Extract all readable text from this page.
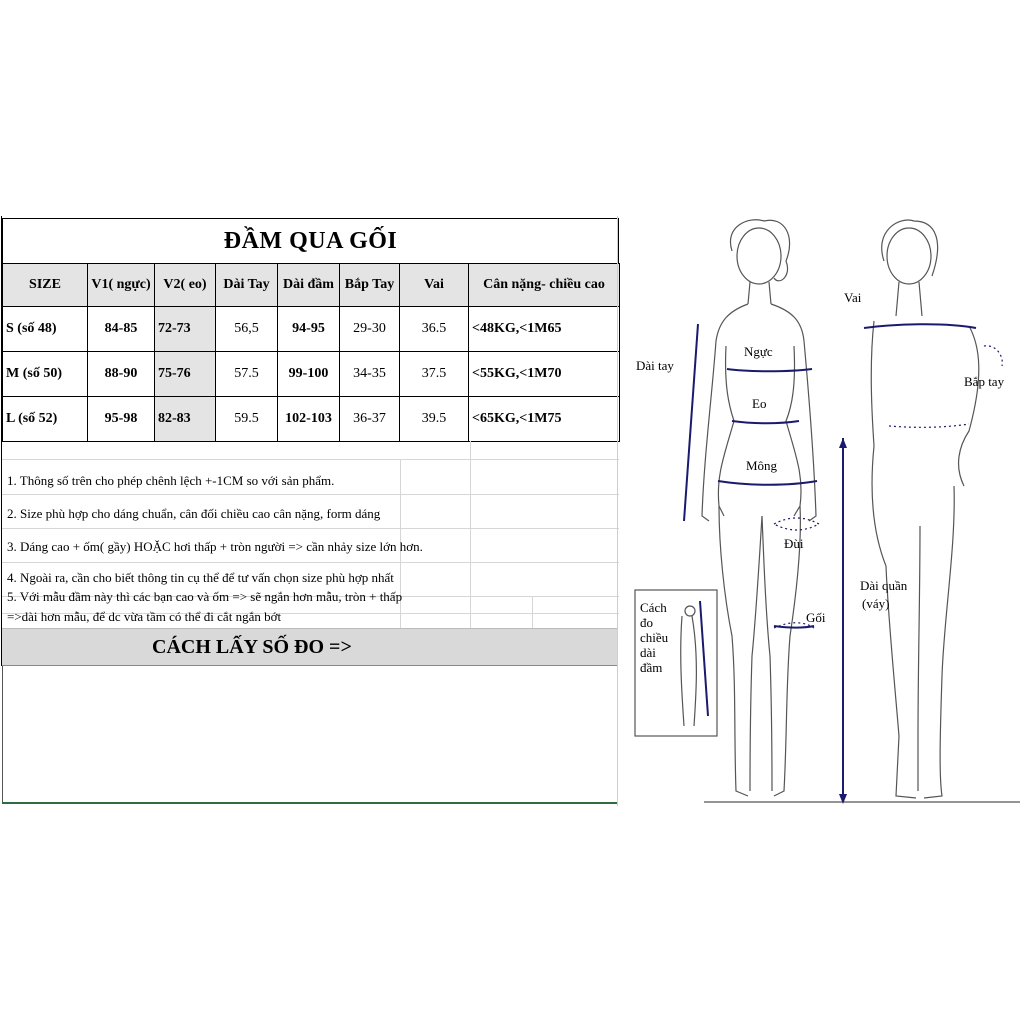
ĐẦM QUA GỐI
SIZE	V1( ngực)	V2( eo)	Dài Tay	Dài đầm	Bắp Tay	Vai	Cân nặng- chiều cao
S (số 48)	84-85	72-73	56,5	94-95	29-30	36.5	<48KG,<1M65
M (số 50)	88-90	75-76	57.5	99-100	34-35	37.5	<55KG,<1M70
L (số 52)	95-98	82-83	59.5	102-103	36-37	39.5	<65KG,<1M75
1. Thông số trên cho phép chênh lệch +-1CM so với sản phẩm.
2. Size phù hợp cho dáng chuẩn, cân đối chiều cao cân nặng, form dáng
3. Dáng cao + ốm( gầy) HOẶC hơi thấp + tròn người => cần nhảy size lớn hơn.
4. Ngoài ra, cần cho biết thông tin cụ thể để tư vấn chọn size phù hợp nhất
5. Với mẫu đầm này thì các bạn cao và ốm => sẽ ngắn hơn mẫu, tròn + thấp
=>dài hơn mẫu, để dc vừa tầm có thể đi cắt ngắn bớt
CÁCH LẤY SỐ ĐO =>
Vai
Dài tay
Ngực
Bắp tay
Eo
Mông
Đùi
Dài quần
(váy)
Gối
Cách
đo
chiều
dài
đầm
